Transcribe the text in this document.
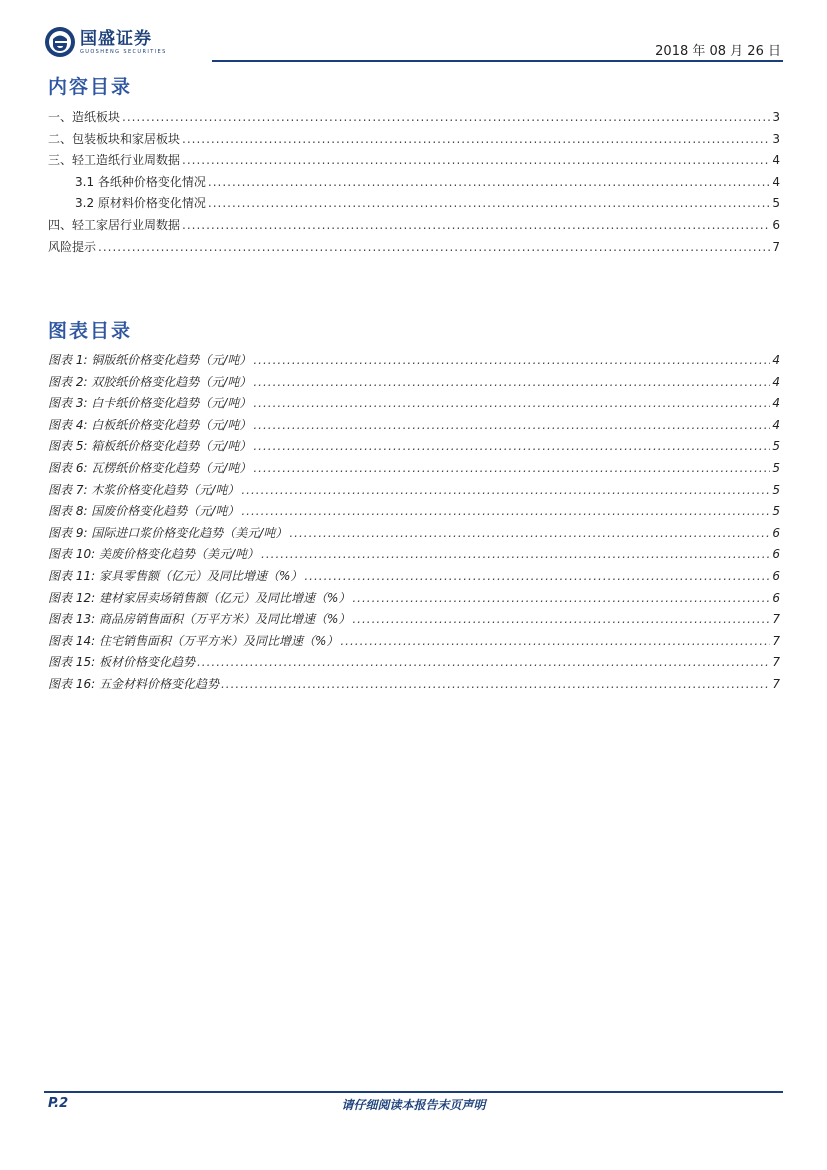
国盛证券
GUOSHENG SECURITIES	2018 年 08 月 26 日
内容目录
一、造纸板块 .....	3
二、包装板块和家居板块 .....	3
三、轻工造纸行业周数据 .....	4
3.1 各纸种价格变化情况 .....	4
3.2 原材料价格变化情况 .....	5
四、轻工家居行业周数据 .....	6
风险提示 .....	7
图表目录
图表 1: 铜版纸价格变化趋势（元/吨） .....	4
图表 2: 双胶纸价格变化趋势（元/吨） .....	4
图表 3: 白卡纸价格变化趋势（元/吨） .....	4
图表 4: 白板纸价格变化趋势（元/吨） .....	4
图表 5: 箱板纸价格变化趋势（元/吨） .....	5
图表 6: 瓦楞纸价格变化趋势（元/吨） .....	5
图表 7: 木浆价格变化趋势（元/吨） .....	5
图表 8: 国废价格变化趋势（元/吨） .....	5
图表 9: 国际进口浆价格变化趋势（美元/吨） .....	6
图表 10: 美废价格变化趋势（美元/吨） .....	6
图表 11: 家具零售额（亿元）及同比增速（%） .....	6
图表 12: 建材家居卖场销售额（亿元）及同比增速（%） .....	6
图表 13: 商品房销售面积（万平方米）及同比增速（%） .....	7
图表 14: 住宅销售面积（万平方米）及同比增速（%） .....	7
图表 15: 板材价格变化趋势 .....	7
图表 16: 五金材料价格变化趋势 .....	7
P.2	请仔细阅读本报告末页声明
